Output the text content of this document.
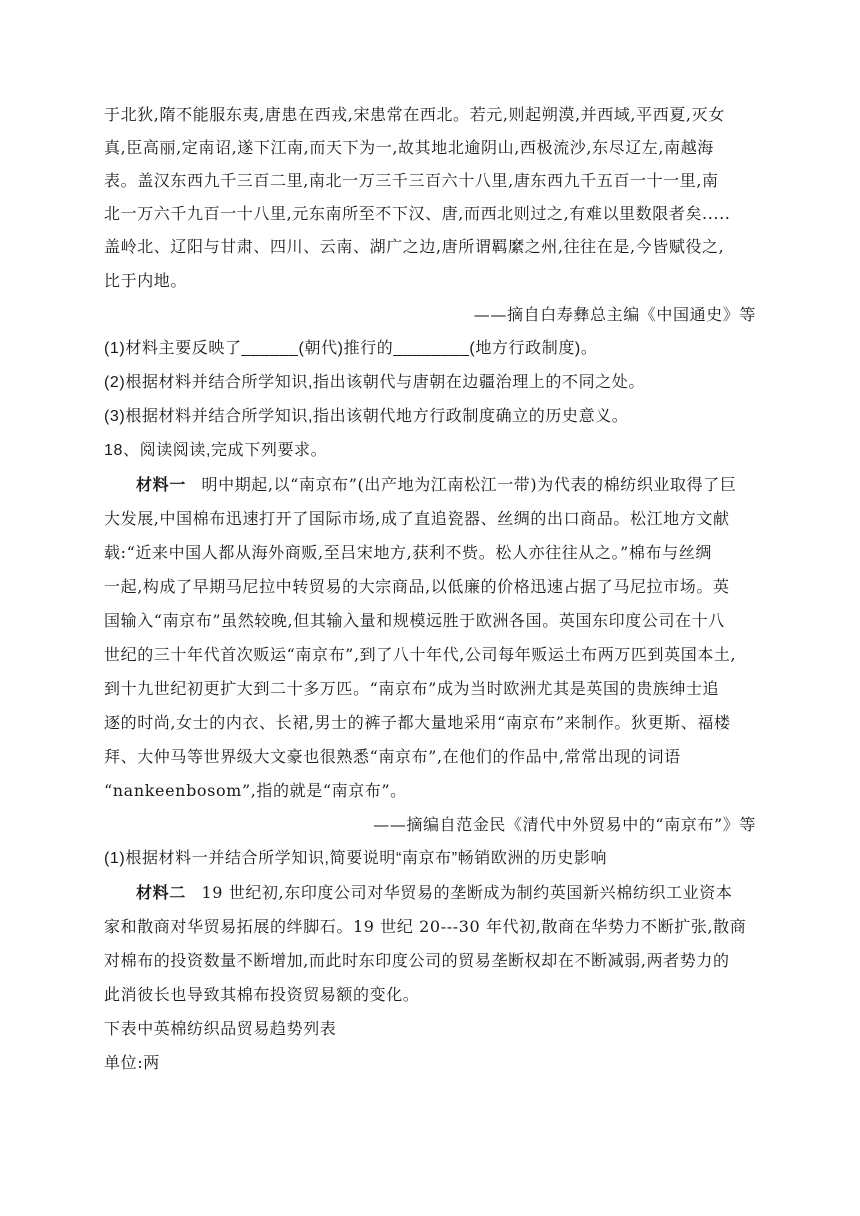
于北狄,隋不能服东夷,唐患在西戎,宋患常在西北。若元,则起朔漠,并西域,平西夏,灭女
真,臣高丽,定南诏,遂下江南,而天下为一,故其地北逾阴山,西极流沙,东尽辽左,南越海
表。盖汉东西九千三百二里,南北一万三千三百六十八里,唐东西九千五百一十一里,南
北一万六千九百一十八里,元东南所至不下汉、唐,而西北则过之,有难以里数限者矣.....
盖岭北、辽阳与甘肃、四川、云南、湖广之边,唐所谓羁縻之州,往往在是,今皆赋役之,
比于内地。
——摘自白寿彝总主编《中国通史》等
(1)材料主要反映了______(朝代)推行的________(地方行政制度)。
(2)根据材料并结合所学知识,指出该朝代与唐朝在边疆治理上的不同之处。
(3)根据材料并结合所学知识,指出该朝代地方行政制度确立的历史意义。
18、阅读阅读,完成下列要求。
材料一 明中期起,以“南京布”(出产地为江南松江一带)为代表的棉纺织业取得了巨
大发展,中国棉布迅速打开了国际市场,成了直追瓷器、丝绸的出口商品。松江地方文献
载:“近来中国人都从海外商贩,至吕宋地方,获利不赀。松人亦往往从之。”棉布与丝绸
一起,构成了早期马尼拉中转贸易的大宗商品,以低廉的价格迅速占据了马尼拉市场。英
国输入“南京布”虽然较晚,但其输入量和规模远胜于欧洲各国。英国东印度公司在十八
世纪的三十年代首次贩运“南京布”,到了八十年代,公司每年贩运土布两万匹到英国本土,
到十九世纪初更扩大到二十多万匹。“南京布”成为当时欧洲尤其是英国的贵族绅士追
逐的时尚,女士的内衣、长裙,男士的裤子都大量地采用“南京布”来制作。狄更斯、福楼
拜、大仲马等世界级大文豪也很熟悉“南京布”,在他们的作品中,常常出现的词语
“nankeenbosom”,指的就是“南京布”。
——摘编自范金民《清代中外贸易中的“南京布”》等
(1)根据材料一并结合所学知识,简要说明“南京布”畅销欧洲的历史影响
材料二 19 世纪初,东印度公司对华贸易的垄断成为制约英国新兴棉纺织工业资本
家和散商对华贸易拓展的绊脚石。19 世纪 20---30 年代初,散商在华势力不断扩张,散商
对棉布的投资数量不断增加,而此时东印度公司的贸易垄断权却在不断减弱,两者势力的
此消彼长也导致其棉布投资贸易额的变化。
下表中英棉纺织品贸易趋势列表
单位:两
